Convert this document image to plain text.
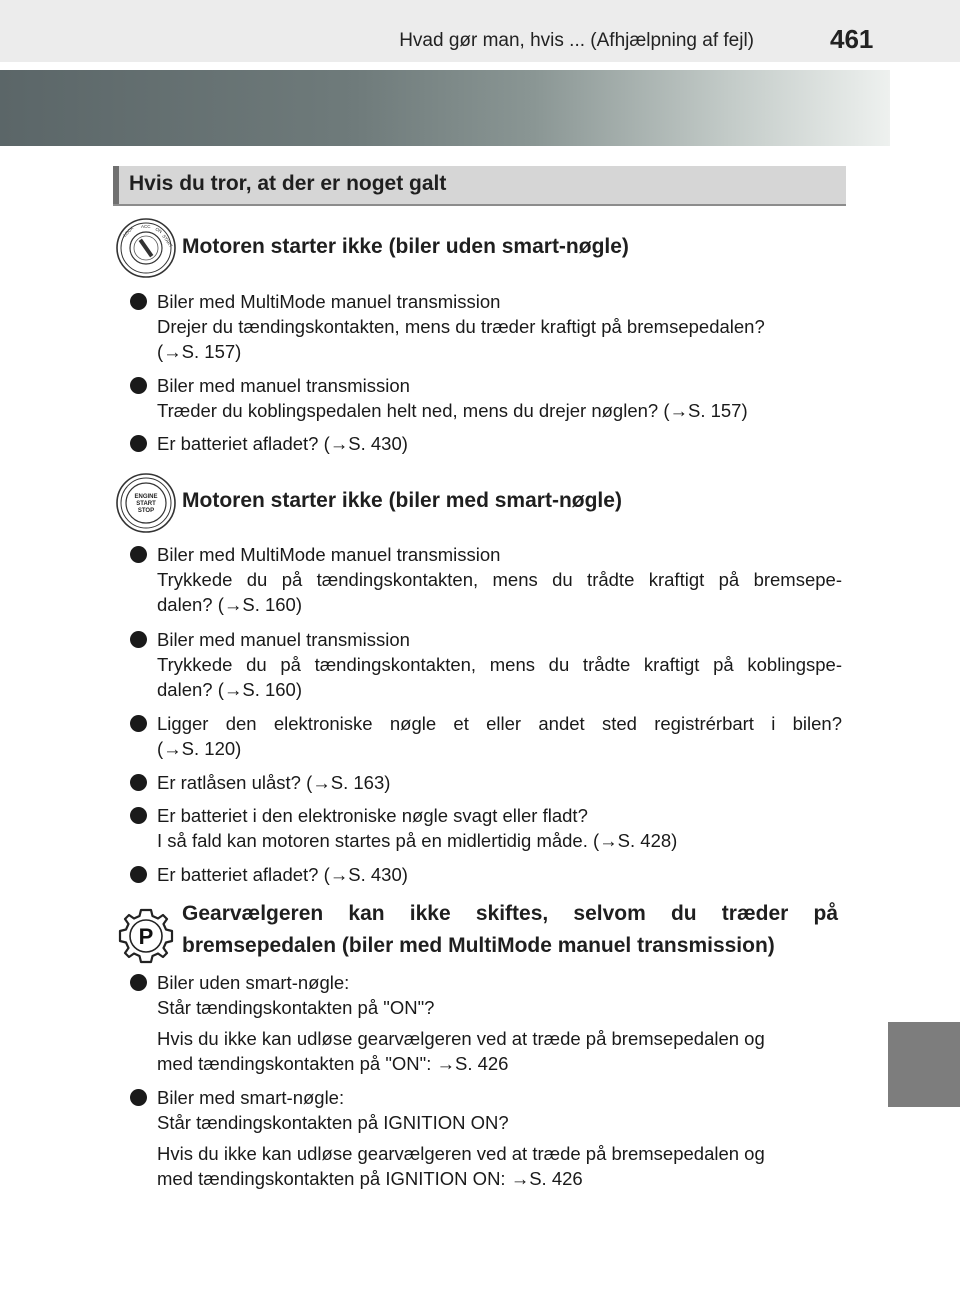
Hvad gør man, hvis ... (Afhjælpning af fejl)	461
Hvis du tror, at der er noget galt
LOCK ACC
ON
START Motoren starter ikke (biler uden smart-nøgle)
Biler med MultiMode manuel transmission
Drejer du tændingskontakten, mens du træder kraftigt på bremsepedalen?
(→S. 157)
Biler med manuel transmission
Træder du koblingspedalen helt ned, mens du drejer nøglen? (→S. 157)
Er batteriet afladet? (→S. 430)
ENGINE
START
STOP Motoren starter ikke (biler med smart-nøgle)
Biler med MultiMode manuel transmission
Trykkede du på tændingskontakten, mens du trådte kraftigt på bremsepe-
dalen? (→S. 160)
Biler med manuel transmission
Trykkede du på tændingskontakten, mens du trådte kraftigt på koblingspe-
dalen? (→S. 160)
Ligger den elektroniske nøgle et eller andet sted registrérbart i bilen?
(→S. 120)
Er ratlåsen ulåst? (→S. 163)
Er batteriet i den elektroniske nøgle svagt eller fladt?
I så fald kan motoren startes på en midlertidig måde. (→S. 428)
Er batteriet afladet? (→S. 430)
P
Gearvælgeren kan ikke skiftes, selvom du træder på
bremsepedalen (biler med MultiMode manuel transmission)
Biler uden smart-nøgle:
Står tændingskontakten på "ON"?
Hvis du ikke kan udløse gearvælgeren ved at træde på bremsepedalen og
med tændingskontakten på "ON": →S. 426
Biler med smart-nøgle:
Står tændingskontakten på IGNITION ON?
Hvis du ikke kan udløse gearvælgeren ved at træde på bremsepedalen og
med tændingskontakten på IGNITION ON: →S. 426
